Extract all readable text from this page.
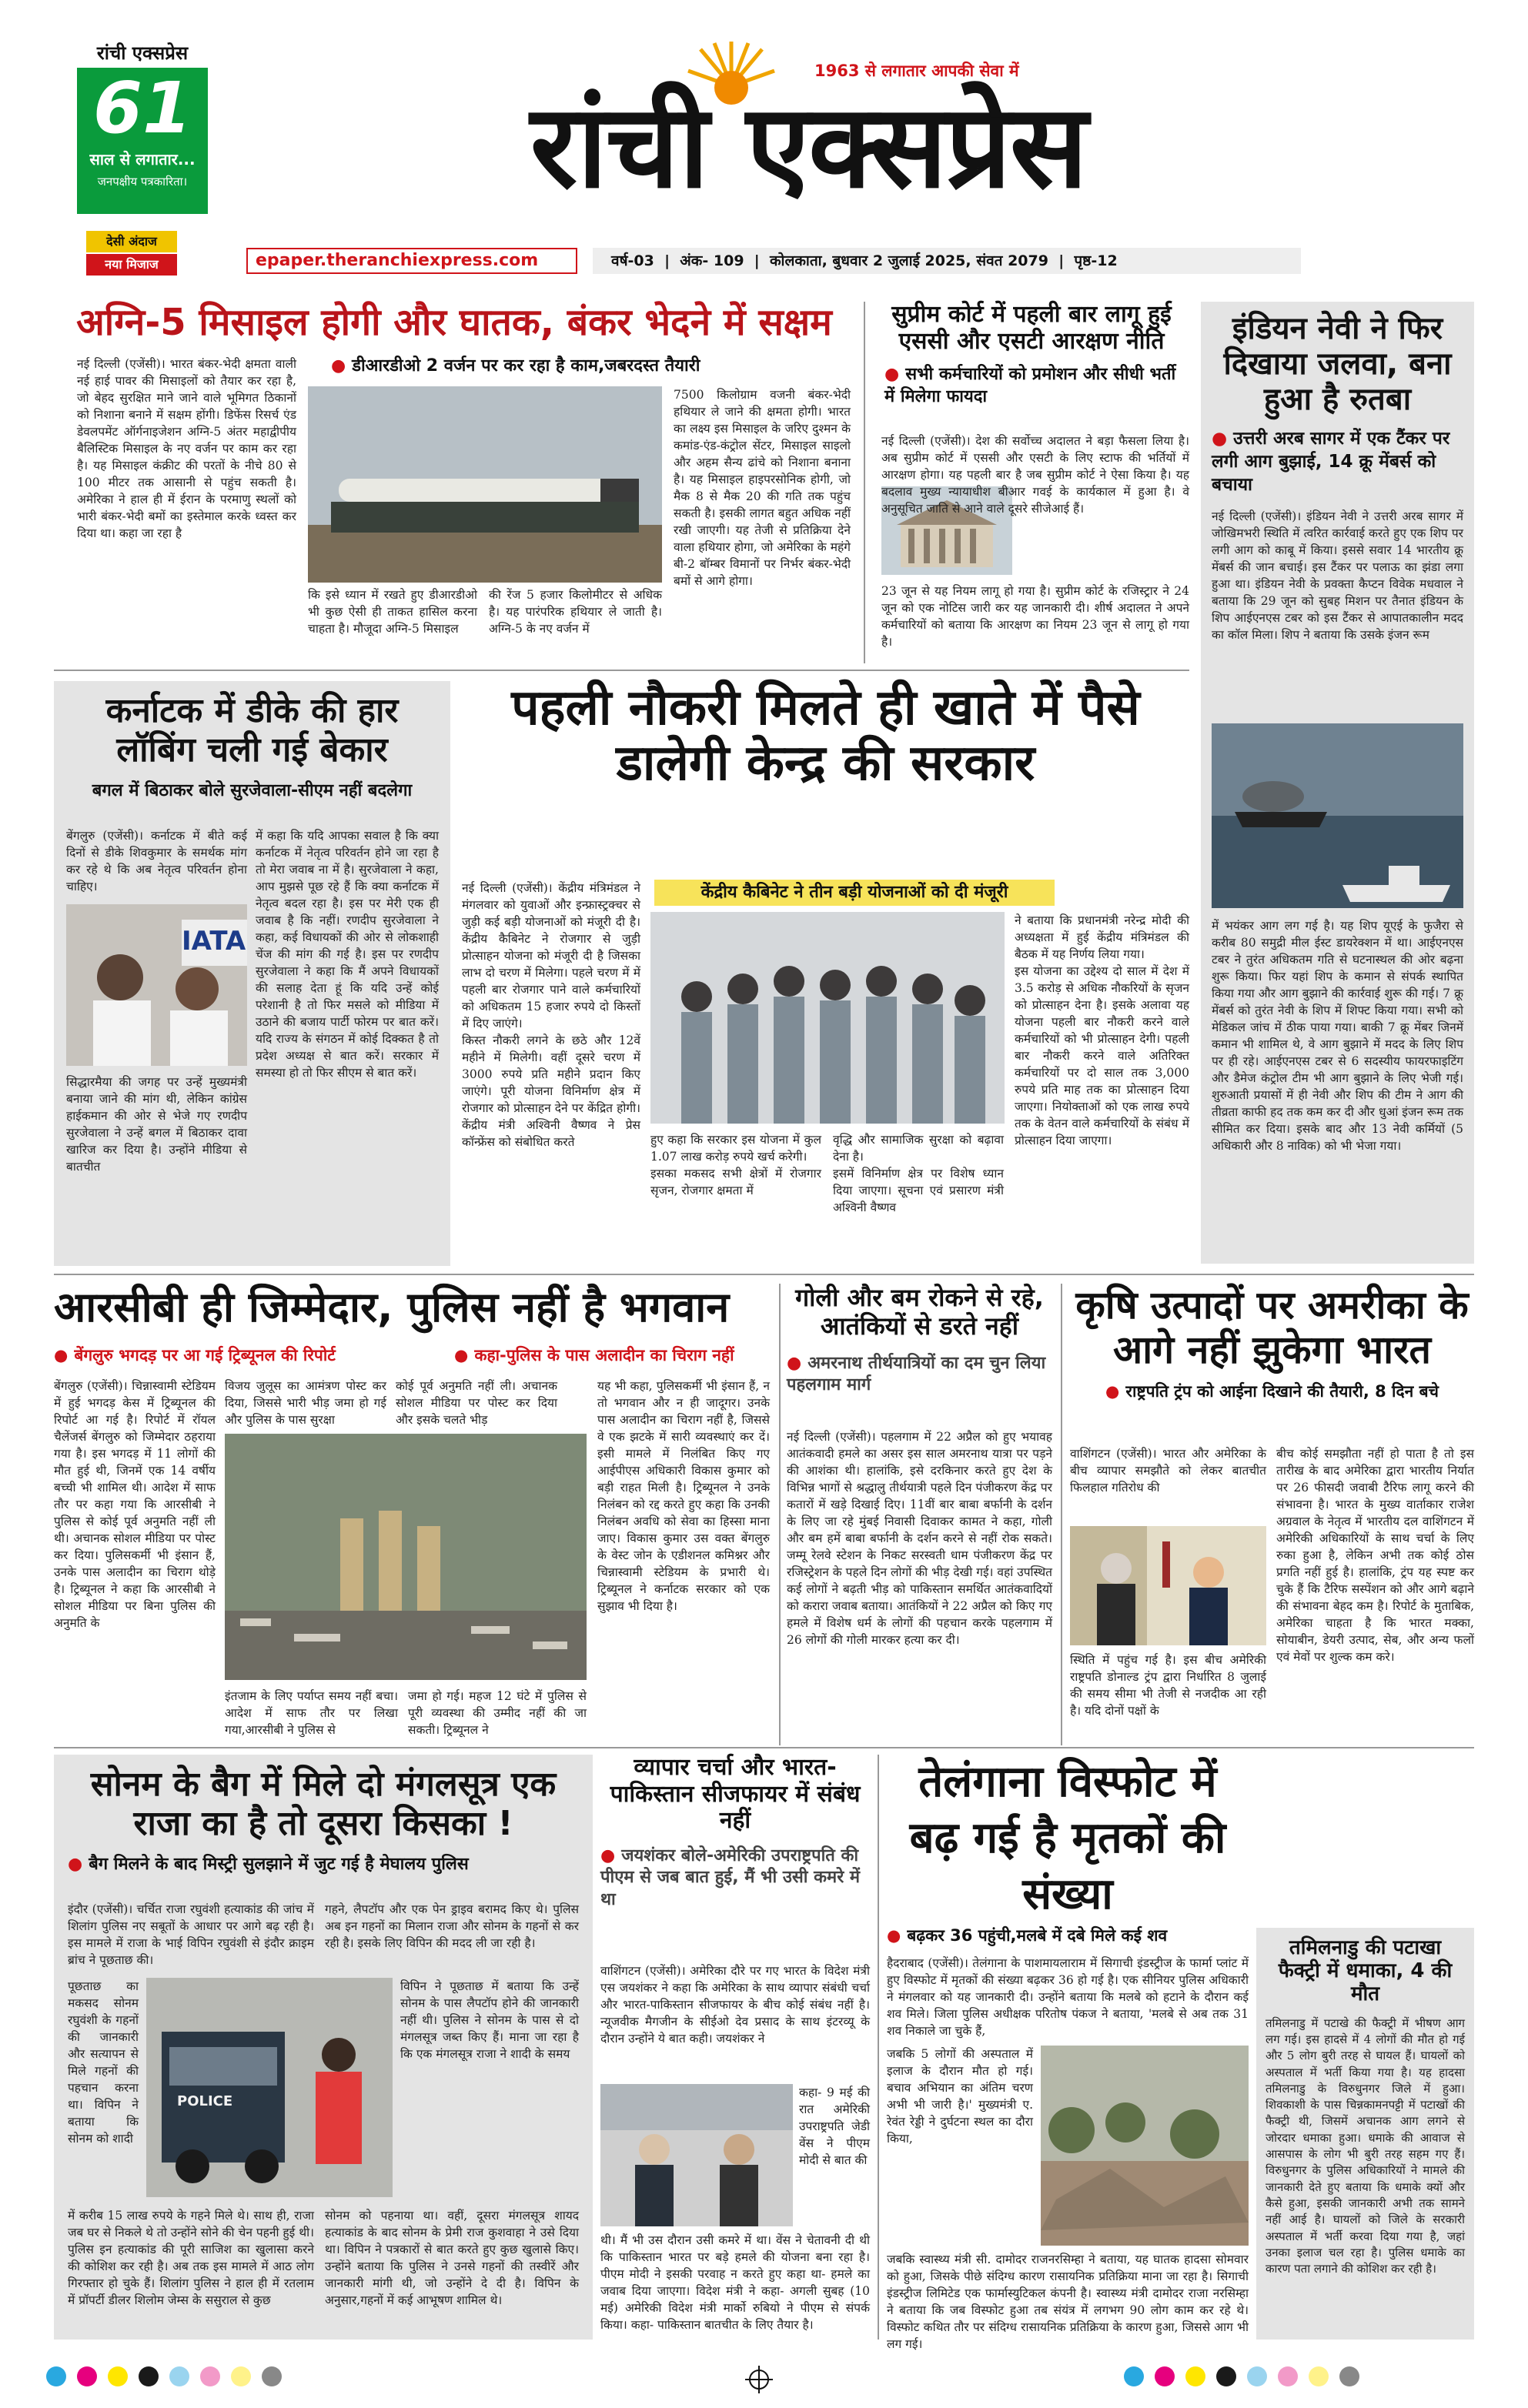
रांची एक्सप्रेस
61
साल से लगातार...
जनपक्षीय पत्रकारिता।
देसी अंदाज
नया मिजाज
1963 से लगातार आपकी सेवा में
रांची एक्सप्रेस
epaper.theranchiexpress.com	वर्ष-03  |  अंक- 109  |  कोलकाता, बुधवार 2 जुलाई 2025, संवत 2079  |  पृष्ठ-12
अग्नि-5 मिसाइल होगी और घातक, बंकर भेदने में सक्षम
● डीआरडीओ 2 वर्जन पर कर रहा है काम,जबरदस्त तैयारी
नई दिल्ली (एजेंसी)। भारत बंकर-भेदी क्षमता वाली नई हाई पावर की मिसाइलों को तैयार कर रहा है, जो बेहद सुरक्षित माने जाने वाले भूमिगत ठिकानों को निशाना बनाने में सक्षम होंगी। डिफेंस रिसर्च एंड डेवलपमेंट ऑर्गनाइजेशन अग्नि-5 अंतर महाद्वीपीय बैलिस्टिक मिसाइल के नए वर्जन पर काम कर रहा है। यह मिसाइल कंक्रीट की परतों के नीचे 80 से 100 मीटर तक आसानी से पहुंच सकती है। अमेरिका ने हाल ही में ईरान के परमाणु स्थलों को भारी बंकर-भेदी बमों का इस्तेमाल करके ध्वस्त कर दिया था। कहा जा रहा है
कि इसे ध्यान में रखते हुए डीआरडीओ भी कुछ ऐसी ही ताकत हासिल करना चाहता है। मौजूदा अग्नि-5 मिसाइल
की रेंज 5 हजार किलोमीटर से अधिक है। यह पारंपरिक हथियार ले जाती है। अग्नि-5 के नए वर्जन में
7500 किलोग्राम वजनी बंकर-भेदी हथियार ले जाने की क्षमता होगी। भारत का लक्ष्य इस मिसाइल के जरिए दुश्मन के कमांड-एंड-कंट्रोल सेंटर, मिसाइल साइलो और अहम सैन्य ढांचे को निशाना बनाना है। यह मिसाइल हाइपरसोनिक होगी, जो मैक 8 से मैक 20 की गति तक पहुंच सकती है। इसकी लागत बहुत अधिक नहीं रखी जाएगी। यह तेजी से प्रतिक्रिया देने वाला हथियार होगा, जो अमेरिका के महंगे बी-2 बॉम्बर विमानों पर निर्भर बंकर-भेदी बमों से आगे होगा।
सुप्रीम कोर्ट में पहली बार लागू हुई एससी और एसटी आरक्षण नीति
● सभी कर्मचारियों को प्रमोशन और सीधी भर्ती में मिलेगा फायदा
नई दिल्ली (एजेंसी)। देश की सर्वोच्च अदालत ने बड़ा फैसला लिया है। अब सुप्रीम कोर्ट में एससी और एसटी के लिए स्टाफ की भर्तियों में आरक्षण होगा। यह पहली बार है जब सुप्रीम कोर्ट ने ऐसा किया है। यह बदलाव मुख्य न्यायाधीश बीआर गवई के कार्यकाल में हुआ है। वे अनुसूचित जाति से आने वाले दूसरे सीजेआई हैं।
23 जून से यह नियम लागू हो गया है। सुप्रीम कोर्ट के रजिस्ट्रार ने 24 जून को एक नोटिस जारी कर यह जानकारी दी। शीर्ष अदालत ने अपने कर्मचारियों को बताया कि आरक्षण का नियम 23 जून से लागू हो गया है।
इंडियन नेवी ने फिर दिखाया जलवा, बना हुआ है रुतबा
● उत्तरी अरब सागर में एक टैंकर पर लगी आग बुझाई, 14 क्रू मेंबर्स को बचाया
नई दिल्ली (एजेंसी)। इंडियन नेवी ने उत्तरी अरब सागर में जोखिमभरी स्थिति में त्वरित कार्रवाई करते हुए एक शिप पर लगी आग को काबू में किया। इससे सवार 14 भारतीय क्रू मेंबर्स की जान बचाई। इस टैंकर पर पलाऊ का झंडा लगा हुआ था। इंडियन नेवी के प्रवक्ता कैप्टन विवेक मधवाल ने बताया कि 29 जून को सुबह मिशन पर तैनात इंडियन के शिप आईएनएस टबर को इस टैंकर से आपातकालीन मदद का कॉल मिला। शिप ने बताया कि उसके इंजन रूम
में भयंकर आग लग गई है। यह शिप यूएई के फुजैरा से करीब 80 समुद्री मील ईस्ट डायरेक्शन में था। आईएनएस टबर ने तुरंत अधिकतम गति से घटनास्थल की ओर बढ़ना शुरू किया। फिर यहां शिप के कमान से संपर्क स्थापित किया गया और आग बुझाने की कार्रवाई शुरू की गई। 7 क्रू मेंबर्स को तुरंत नेवी के शिप में शिफ्ट किया गया। सभी को मेडिकल जांच में ठीक पाया गया। बाकी 7 क्रू मेंबर जिनमें कमान भी शामिल थे, वे आग बुझाने में मदद के लिए शिप पर ही रहे। आईएनएस टबर से 6 सदस्यीय फायरफाइटिंग और डैमेज कंट्रोल टीम भी आग बुझाने के लिए भेजी गई। शुरुआती प्रयासों में ही नेवी और शिप की टीम ने आग की तीव्रता काफी हद तक कम कर दी और धुआं इंजन रूम तक सीमित कर दिया। इसके बाद और 13 नेवी कर्मियों (5 अधिकारी और 8 नाविक) को भी भेजा गया।
कर्नाटक में डीके की हार लॉबिंग चली गई बेकार
बगल में बिठाकर बोले सुरजेवाला-सीएम नहीं बदलेगा
बेंगलुरु (एजेंसी)। कर्नाटक में बीते कई दिनों से डीके शिवकुमार के समर्थक मांग कर रहे थे कि अब नेतृत्व परिवर्तन होना चाहिए।
IATA
सिद्धारमैया की जगह पर उन्हें मुख्यमंत्री बनाया जाने की मांग थी, लेकिन कांग्रेस हाईकमान की ओर से भेजे गए रणदीप सुरजेवाला ने उन्हें बगल में बिठाकर दावा खारिज कर दिया है। उन्होंने मीडिया से बातचीत
में कहा कि यदि आपका सवाल है कि क्या कर्नाटक में नेतृत्व परिवर्तन होने जा रहा है तो मेरा जवाब ना में है। सुरजेवाला ने कहा, आप मुझसे पूछ रहे हैं कि क्या कर्नाटक में नेतृत्व बदल रहा है। इस पर मेरी एक ही जवाब है कि नहीं। रणदीप सुरजेवाला ने कहा, कई विधायकों की ओर से लोकशाही चेंज की मांग की गई है। इस पर रणदीप सुरजेवाला ने कहा कि मैं अपने विधायकों की सलाह देता हूं कि यदि उन्हें कोई परेशानी है तो फिर मसले को मीडिया में उठाने की बजाय पार्टी फोरम पर बात करें। यदि राज्य के संगठन में कोई दिक्कत है तो प्रदेश अध्यक्ष से बात करें। सरकार में समस्या हो तो फिर सीएम से बात करें।
पहली नौकरी मिलते ही खाते में पैसे डालेगी केन्द्र की सरकार
केंद्रीय कैबिनेट ने तीन बड़ी योजनाओं को दी मंजूरी
नई दिल्ली (एजेंसी)। केंद्रीय मंत्रिमंडल ने मंगलवार को युवाओं और इन्फ्रास्ट्रक्चर से जुड़ी कई बड़ी योजनाओं को मंजूरी दी है। केंद्रीय कैबिनेट ने रोजगार से जुड़ी प्रोत्साहन योजना को मंजूरी दी है जिसका लाभ दो चरण में मिलेगा। पहले चरण में में पहली बार रोजगार पाने वाले कर्मचारियों को अधिकतम 15 हजार रुपये दो किस्तों में दिए जाएंगे।
किस्त नौकरी लगने के छठे और 12वें महीने में मिलेगी। वहीं दूसरे चरण में 3000 रुपये प्रति महीने प्रदान किए जाएंगे। पूरी योजना विनिर्माण क्षेत्र में रोजगार को प्रोत्साहन देने पर केंद्रित होगी। केंद्रीय मंत्री अश्विनी वैष्णव ने प्रेस कॉन्फ्रेंस को संबोधित करते	हुए कहा कि सरकार इस योजना में कुल 1.07 लाख करोड़ रुपये खर्च करेगी।
इसका मकसद सभी क्षेत्रों में रोजगार सृजन, रोजगार क्षमता में
वृद्धि और सामाजिक सुरक्षा को बढ़ावा देना है।
इसमें विनिर्माण क्षेत्र पर विशेष ध्यान दिया जाएगा। सूचना एवं प्रसारण मंत्री अश्विनी वैष्णव
ने बताया कि प्रधानमंत्री नरेन्द्र मोदी की अध्यक्षता में हुई केंद्रीय मंत्रिमंडल की बैठक में यह निर्णय लिया गया।
इस योजना का उद्देश्य दो साल में देश में 3.5 करोड़ से अधिक नौकरियों के सृजन को प्रोत्साहन देना है। इसके अलावा यह योजना पहली बार नौकरी करने वाले कर्मचारियों को भी प्रोत्साहन देगी। पहली बार नौकरी करने वाले अतिरिक्त कर्मचारियों पर दो साल तक 3,000 रुपये प्रति माह तक का प्रोत्साहन दिया जाएगा। नियोक्ताओं को एक लाख रुपये तक के वेतन वाले कर्मचारियों के संबंध में प्रोत्साहन दिया जाएगा।
आरसीबी ही जिम्मेदार, पुलिस नहीं है भगवान
● बेंगलुरु भगदड़ पर आ गई ट्रिब्यूनल की रिपोर्ट	● कहा-पुलिस के पास अलादीन का चिराग नहीं
बेंगलुरु (एजेंसी)। चिन्नास्वामी स्टेडियम में हुई भगदड़ केस में ट्रिब्यूनल की रिपोर्ट आ गई है। रिपोर्ट में रॉयल चैलेंजर्स बेंगलुरु को जिम्मेदार ठहराया गया है। इस भगदड़ में 11 लोगों की मौत हुई थी, जिनमें एक 14 वर्षीय बच्ची भी शामिल थी। आदेश में साफ तौर पर कहा गया कि आरसीबी ने पुलिस से कोई पूर्व अनुमति नहीं ली थी। अचानक सोशल मीडिया पर पोस्ट कर दिया। पुलिसकर्मी भी इंसान हैं, उनके पास अलादीन का चिराग थोड़े है। ट्रिब्यूनल ने कहा कि आरसीबी ने सोशल मीडिया पर बिना पुलिस की अनुमति के
विजय जुलूस का आमंत्रण पोस्ट कर दिया, जिससे भारी भीड़ जमा हो गई और पुलिस के पास सुरक्षा
कोई पूर्व अनुमति नहीं ली। अचानक सोशल मीडिया पर पोस्ट कर दिया और इसके चलते भीड़
इंतजाम के लिए पर्याप्त समय नहीं बचा। आदेश में साफ तौर पर लिखा गया,आरसीबी ने पुलिस से
जमा हो गई। महज 12 घंटे में पुलिस से पूरी व्यवस्था की उम्मीद नहीं की जा सकती। ट्रिब्यूनल ने
यह भी कहा, पुलिसकर्मी भी इंसान हैं, न तो भगवान और न ही जादूगर। उनके पास अलादीन का चिराग नहीं है, जिससे वे एक झटके में सारी व्यवस्थाएं कर दें। इसी मामले में निलंबित किए गए आईपीएस अधिकारी विकास कुमार को बड़ी राहत मिली है। ट्रिब्यूनल ने उनके निलंबन को रद्द करते हुए कहा कि उनकी निलंबन अवधि को सेवा का हिस्सा माना जाए। विकास कुमार उस वक्त बेंगलुरु के वेस्ट जोन के एडीशनल कमिश्नर और चिन्नास्वामी स्टेडियम के प्रभारी थे। ट्रिब्यूनल ने कर्नाटक सरकार को एक सुझाव भी दिया है।
गोली और बम रोकने से रहे, आतंकियों से डरते नहीं
● अमरनाथ तीर्थयात्रियों का दम चुन लिया पहलगाम मार्ग
नई दिल्ली (एजेंसी)। पहलगाम में 22 अप्रैल को हुए भयावह आतंकवादी हमले का असर इस साल अमरनाथ यात्रा पर पड़ने की आशंका थी। हालांकि, इसे दरकिनार करते हुए देश के विभिन्न भागों से श्रद्धालु तीर्थयात्री पहले दिन पंजीकरण केंद्र पर कतारों में खड़े दिखाई दिए। 11वीं बार बाबा बर्फानी के दर्शन के लिए जा रहे मुंबई निवासी दिवाकर कामत ने कहा, गोली और बम हमें बाबा बर्फानी के दर्शन करने से नहीं रोक सकते। जम्मू रेलवे स्टेशन के निकट सरस्वती धाम पंजीकरण केंद्र पर रजिस्ट्रेशन के पहले दिन लोगों की भीड़ देखी गई। वहां उपस्थित कई लोगों ने बढ़ती भीड़ को पाकिस्तान समर्थित आतंकवादियों को करारा जवाब बताया। आतंकियों ने 22 अप्रैल को किए गए हमले में विशेष धर्म के लोगों की पहचान करके पहलगाम में 26 लोगों की गोली मारकर हत्या कर दी।
कृषि उत्पादों पर अमरीका के आगे नहीं झुकेगा भारत
● राष्ट्रपति ट्रंप को आईना दिखाने की तैयारी, 8 दिन बचे
वाशिंगटन (एजेंसी)। भारत और अमेरिका के बीच व्यापार समझौते को लेकर बातचीत फिलहाल गतिरोध की
स्थिति में पहुंच गई है। इस बीच अमेरिकी राष्ट्रपति डोनाल्ड ट्रंप द्वारा निर्धारित 8 जुलाई की समय सीमा भी तेजी से नजदीक आ रही है। यदि दोनों पक्षों के
बीच कोई समझौता नहीं हो पाता है तो इस तारीख के बाद अमेरिका द्वारा भारतीय निर्यात पर 26 फीसदी जवाबी टैरिफ लागू करने की संभावना है। भारत के मुख्य वार्ताकार राजेश अग्रवाल के नेतृत्व में भारतीय दल वाशिंगटन में अमेरिकी अधिकारियों के साथ चर्चा के लिए रुका हुआ है, लेकिन अभी तक कोई ठोस प्रगति नहीं हुई है। हालांकि, ट्रंप यह स्पष्ट कर चुके हैं कि टैरिफ सस्पेंशन को और आगे बढ़ाने की संभावना बेहद कम है। रिपोर्ट के मुताबिक, अमेरिका चाहता है कि भारत मक्का, सोयाबीन, डेयरी उत्पाद, सेब, और अन्य फलों एवं मेवों पर शुल्क कम करे।
सोनम के बैग में मिले दो मंगलसूत्र एक राजा का है तो दूसरा किसका !
● बैग मिलने के बाद मिस्ट्री सुलझाने में जुट गई है मेघालय पुलिस
इंदौर (एजेंसी)। चर्चित राजा रघुवंशी हत्याकांड की जांच में शिलांग पुलिस नए सबूतों के आधार पर आगे बढ़ रही है। इस मामले में राजा के भाई विपिन रघुवंशी से इंदौर क्राइम ब्रांच ने पूछताछ की।
पूछताछ का मकसद सोनम रघुवंशी के गहनों की जानकारी और सत्यापन से मिले गहनों की पहचान करना था। विपिन ने बताया कि सोनम को शादी
POLICE
में करीब 15 लाख रुपये के गहने मिले थे। साथ ही, राजा जब घर से निकले थे तो उन्होंने सोने की चेन पहनी हुई थी। पुलिस इन हत्याकांड की पूरी साजिश का खुलासा करने की कोशिश कर रही है। अब तक इस मामले में आठ लोग गिरफ्तार हो चुके हैं। शिलांग पुलिस ने हाल ही में रतलाम में प्रॉपर्टी डीलर शिलोम जेम्स के ससुराल से कुछ
गहने, लैपटॉप और एक पेन ड्राइव बरामद किए थे। पुलिस अब इन गहनों का मिलान राजा और सोनम के गहनों से कर रही है। इसके लिए विपिन की मदद ली जा रही है।
विपिन ने पूछताछ में बताया कि उन्हें सोनम के पास लैपटॉप होने की जानकारी नहीं थी। पुलिस ने सोनम के पास से दो मंगलसूत्र जब्त किए हैं। माना जा रहा है कि एक मंगलसूत्र राजा ने शादी के समय
सोनम को पहनाया था। वहीं, दूसरा मंगलसूत्र शायद हत्याकांड के बाद सोनम के प्रेमी राज कुशवाहा ने उसे दिया था। विपिन ने पत्रकारों से बात करते हुए कुछ खुलासे किए। उन्होंने बताया कि पुलिस ने उनसे गहनों की तस्वीरें और जानकारी मांगी थी, जो उन्होंने दे दी है। विपिन के अनुसार,गहनों में कई आभूषण शामिल थे।
व्यापार चर्चा और भारत-पाकिस्तान सीजफायर में संबंध नहीं
● जयशंकर बोले-अमेरिकी उपराष्ट्रपति की पीएम से जब बात हुई, मैं भी उसी कमरे में था
वाशिंगटन (एजेंसी)। अमेरिका दौरे पर गए भारत के विदेश मंत्री एस जयशंकर ने कहा कि अमेरिका के साथ व्यापार संबंधी चर्चा और भारत-पाकिस्तान सीजफायर के बीच कोई संबंध नहीं है। न्यूजवीक मैगजीन के सीईओ देव प्रसाद के साथ इंटरव्यू के दौरान उन्होंने ये बात कही। जयशंकर ने
कहा- 9 मई की रात अमेरिकी उपराष्ट्रपति जेडी वेंस ने पीएम मोदी से बात की
थी। मैं भी उस दौरान उसी कमरे में था। वेंस ने चेतावनी दी थी कि पाकिस्तान भारत पर बड़े हमले की योजना बना रहा है। पीएम मोदी ने इसकी परवाह न करते हुए कहा था- हमले का जवाब दिया जाएगा। विदेश मंत्री ने कहा- अगली सुबह (10 मई) अमेरिकी विदेश मंत्री मार्को रुबियो ने पीएम से संपर्क किया। कहा- पाकिस्तान बातचीत के लिए तैयार है।
तेलंगाना विस्फोट में बढ़ गई है मृतकों की संख्या
● बढ़कर 36 पहुंची,मलबे में दबे मिले कई शव
हैदराबाद (एजेंसी)। तेलंगाना के पाशमायलाराम में सिगाची इंडस्ट्रीज के फार्मा प्लांट में हुए विस्फोट में मृतकों की संख्या बढ़कर 36 हो गई है। एक सीनियर पुलिस अधिकारी ने मंगलवार को यह जानकारी दी। उन्होंने बताया कि मलबे को हटाने के दौरान कई शव मिले। जिला पुलिस अधीक्षक परितोष पंकज ने बताया, 'मलबे से अब तक 31 शव निकाले जा चुके हैं,
जबकि 5 लोगों की अस्पताल में इलाज के दौरान मौत हो गई। बचाव अभियान का अंतिम चरण अभी भी जारी है।' मुख्यमंत्री ए. रेवंत रेड्डी ने दुर्घटना स्थल का दौरा किया,
जबकि स्वास्थ्य मंत्री सी. दामोदर राजनरसिम्हा ने बताया, यह घातक हादसा सोमवार को हुआ, जिसके पीछे संदिग्ध कारण रासायनिक प्रतिक्रिया माना जा रहा है। सिगाची इंडस्ट्रीज लिमिटेड एक फार्मास्युटिकल कंपनी है। स्वास्थ्य मंत्री दामोदर राजा नरसिम्हा ने बताया कि जब विस्फोट हुआ तब संयंत्र में लगभग 90 लोग काम कर रहे थे। विस्फोट कथित तौर पर संदिग्ध रासायनिक प्रतिक्रिया के कारण हुआ, जिससे आग भी लग गई।
तमिलनाडु की पटाखा फैक्ट्री में धमाका, 4 की मौत
तमिलनाडु में पटाखे की फैक्ट्री में भीषण आग लग गई। इस हादसे में 4 लोगों की मौत हो गई और 5 लोग बुरी तरह से घायल हैं। घायलों को अस्पताल में भर्ती किया गया है। यह हादसा तमिलनाडु के विरुधुनगर जिले में हुआ। शिवकाशी के पास चिन्नकामनपट्टी में पटाखों की फैक्ट्री थी, जिसमें अचानक आग लगने से जोरदार धमाका हुआ। धमाके की आवाज से आसपास के लोग भी बुरी तरह सहम गए हैं। विरुधुनगर के पुलिस अधिकारियों ने मामले की जानकारी देते हुए बताया कि धमाके क्यों और कैसे हुआ, इसकी जानकारी अभी तक सामने नहीं आई है। घायलों को जिले के सरकारी अस्पताल में भर्ती करवा दिया गया है, जहां उनका इलाज चल रहा है। पुलिस धमाके का कारण पता लगाने की कोशिश कर रही है।
